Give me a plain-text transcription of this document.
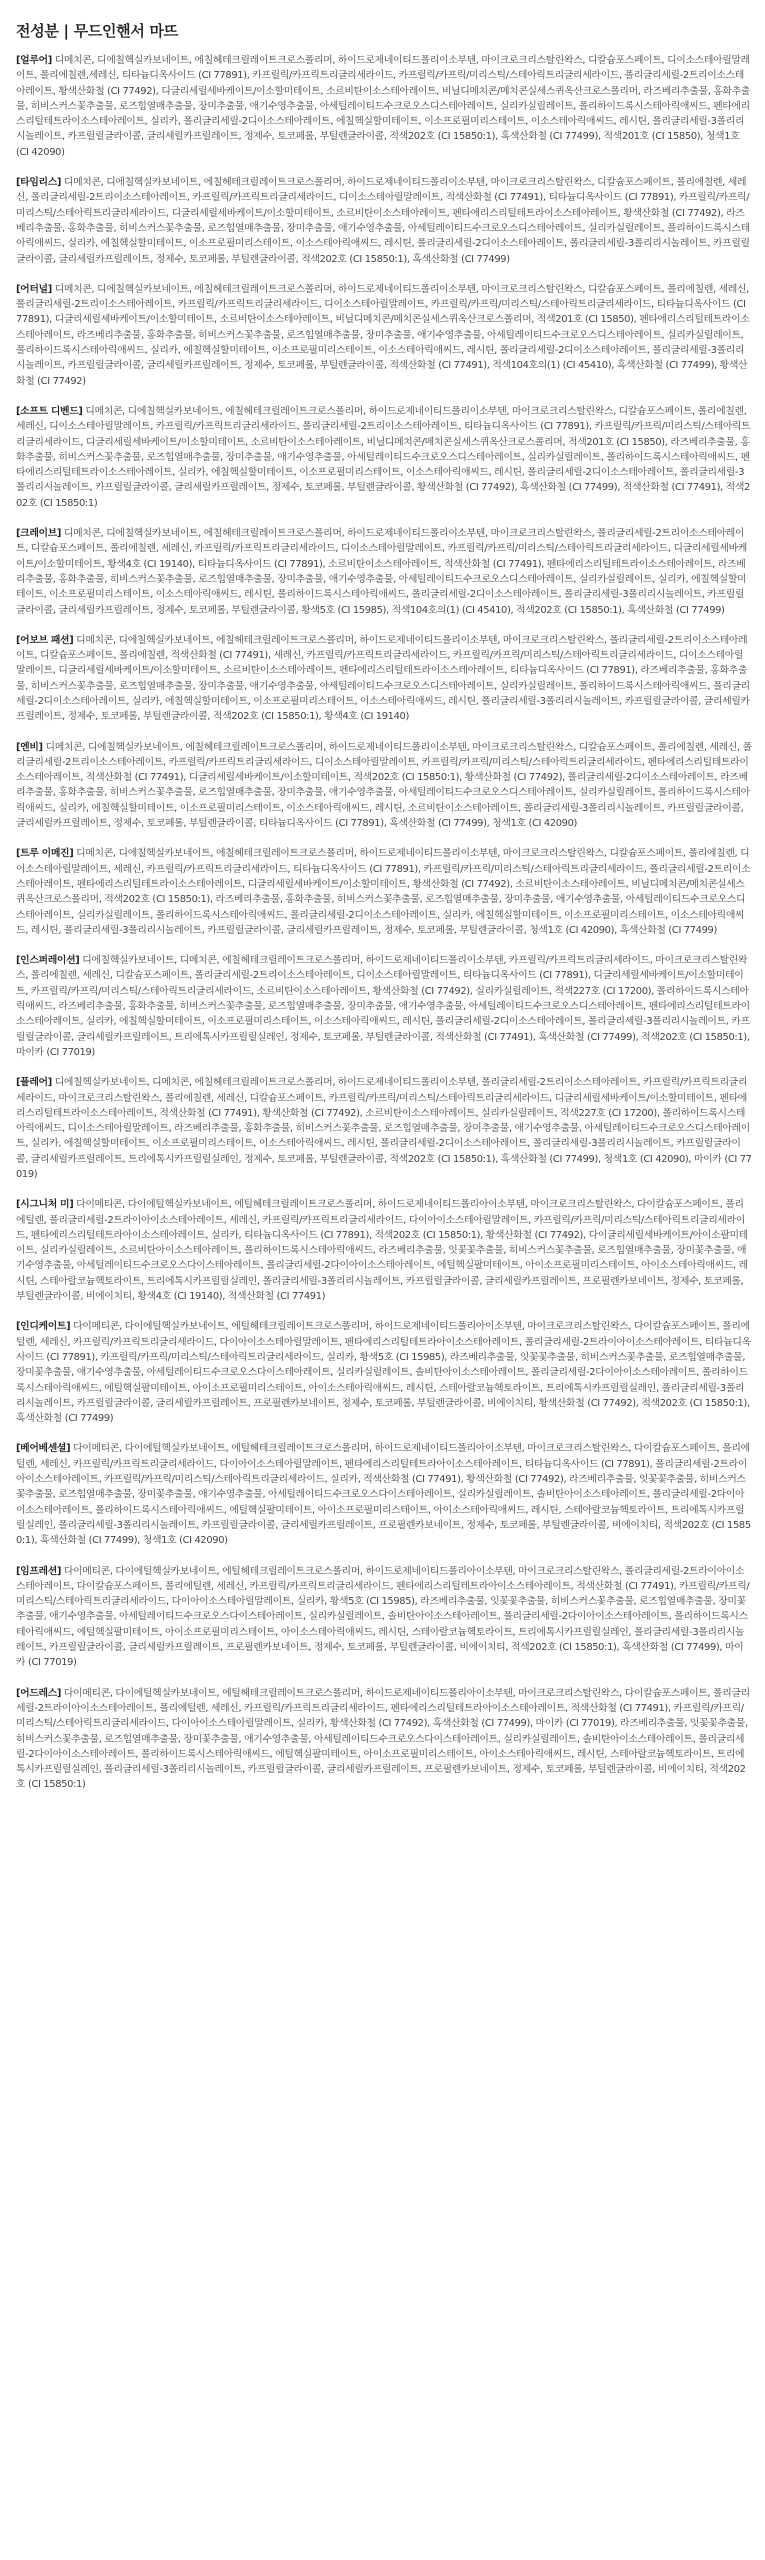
전성분 | 무드인핸서 마뜨

[얼루어] 디메치콘, 디에칠헥실카보네이트, 에칠헤테크릴레이트크로스폴리머, 하이드로제네이티드폴리이소부텐, 마이크로크리스탈린왁스, 디칼슘포스페이트, 디이소스테아릴말레이트, 폴리에칠렌,세레신, 티타늄디옥사이드 (CI 77891), 카프릴릭/카프릭트리글리세라이드, 카프릴릭/카프릭/미리스틱/스테아릭트리글리세라이드, 폴리글리세릴-2트리이소스테아레이트, 황색산화철 (CI 77492), 디글리세릴세바케이트/이소할미테이트, 소르비탄이소스테아레이트, 비닐디메치콘/메치콘실세스퀴옥산크로스폴리머, 라즈베리추출물, 홍화추출물, 히비스커스꽃추출물, 로즈힙열매추출물, 장미추출물, 애기수영추출물, 아세틸레이티드수크로오스디스테아레이트, 실리카실릴레이트, 폴리하이드록시스테아릭애씨드, 펜타에리스리틸테트라이소스테아레이트, 실리카, 폴리글리세릴-2디이소스테아레이트, 에칠헥실할미테이트, 이소프로필미리스테이트, 이소스테아릭애씨드, 레시틴, 폴리글리세릴-3폴리리시놀레이트, 카프릴릴글라이콜, 글리세릴카프릴레이트, 정제수, 토코페롤, 부틸렌글라이콜, 적색202호 (CI 15850:1), 흑색산화철 (CI 77499), 적색201호 (CI 15850), 청색1호 (CI 42090)

[타임리스] 디메치콘, 디에칠헥실카보네이트, 에칠헤테크릴레이트크로스폴리머, 하이드로제네이티드폴리이소부텐, 마이크로크리스탈린왁스, 디칼슘포스페이트, 폴리에칠렌, 세레신, 폴리글리세릴-2트리이소스테아레이트, 카프릴릭/카프릭트리글리세라이드, 디이소스테아릴말레이트, 적색산화철 (CI 77491), 티타늄디옥사이드 (CI 77891), 카프릴릭/카프릭/미리스틱/스테아릭트리글리세라이드, 디글리세릴세바케이트/이소할미테이트, 소르비탄이소스테아레이트, 펜타에리스리틸테트라이소스테아레이트, 황색산화철 (CI 77492), 라즈베리추출물, 홍화추출물, 히비스커스꽃추출물, 로즈힙열매추출물, 장미추출물, 애기수영추출물, 아세틸레이티드수크로오스디스테아레이트, 실리카실릴레이트, 폴리하이드록시스테아릭애씨드, 실리카, 에칠헥실할미테이트, 이소프로필미리스테이트, 이소스테아릭애씨드, 레시틴, 폴리글리세릴-2디이소스테아레이트, 폴리글리세릴-3폴리리시놀레이트, 카프릴릴글라이콜, 글리세릴카프릴레이트, 정제수, 토코페롤, 부틸렌글라이콜, 적색202호 (CI 15850:1), 흑색산화철 (CI 77499)

[어터널] 디메치콘, 디에칠헥실카보네이트, 에칠헤테크릴레이트크로스폴리머, 하이드로제네이티드폴리이소부텐, 마이크로크리스탈린왁스, 디칼슘포스페이트, 폴리에칠렌, 세레신, 폴리글리세릴-2트리이소스테아레이트, 카프릴릭/카프릭트리글리세라이드, 디이소스테아릴말레이트, 카프릴릭/카프릭/미리스틱/스테아릭트리글리세라이드, 티타늄디옥사이드 (CI 77891), 디글리세릴세바케이트/이소할미테이트, 소르비탄이소스테아레이트, 비닐디메치콘/메치콘실세스퀴옥산크로스폴리머, 적색201호 (CI 15850), 펜타에리스리틸테트라이소스테아레이트, 라즈베리추출물, 홍화추출물, 히비스커스꽃추출물, 로즈힙열매추출물, 장미추출물, 애기수영추출물, 아세틸레이티드수크로오스디스테아레이트, 실리카실릴레이트, 폴리하이드록시스테아릭애씨드, 실리카, 에칠헥실할미테이트, 이소프로필미리스테이트, 이소스테아릭애씨드, 레시틴, 폴리글리세릴-2디이소스테아레이트, 폴리글리세릴-3폴리리시놀레이트, 카프릴릴글라이콜, 글리세릴카프릴레이트, 정제수, 토코페롤, 부틸렌글라이콜, 적색산화철 (CI 77491), 적색104호의(1) (CI 45410), 흑색산화철 (CI 77499), 황색산화철 (CI 77492)

[소프트 디벤드] 디메치콘, 디에칠헥실카보네이트, 에칠헤테크릴레이트크로스폴리머, 하이드로제네이티드폴리이소부텐, 마이크로크리스탈린왁스, 디칼슘포스페이트, 폴리에칠렌, 세레신, 디이소스테아릴말레이트, 카프릴릭/카프릭트리글리세라이드, 폴리글리세릴-2트리이소스테아레이트, 티타늄디옥사이드 (CI 77891), 카프릴릭/카프릭/미리스틱/스테아릭트리글리세라이드, 디글리세릴세바케이트/이소할미테이트, 소르비탄이소스테아레이트, 비닐디메치콘/메치콘실세스퀴옥산크로스폴리머, 적색201호 (CI 15850), 라즈베리추출물, 홍화추출물, 히비스커스꽃추출물, 로즈힙열매추출물, 장미추출물, 애기수영추출물, 아세틸레이티드수크로오스디스테아레이트, 실리카실릴레이트, 폴리하이드록시스테아릭애씨드, 펜타에리스리틸테트라이소스테아레이트, 실리카, 에칠헥실할미테이트, 이소프로필미리스테이트, 이소스테아릭애씨드, 레시틴, 폴리글리세릴-2디이소스테아레이트, 폴리글리세릴-3폴리리시놀레이트, 카프릴릴글라이콜, 글리세릴카프릴레이트, 정제수, 토코페롤, 부틸렌글라이콜, 황색산화철 (CI 77492), 흑색산화철 (CI 77499), 적색산화철 (CI 77491), 적색202호 (CI 15850:1)

[크레이브] 디메치콘, 디에칠헥실카보네이트, 에칠헤테크릴레이트크로스폴리머, 하이드로제네이티드폴리이소부텐, 마이크로크리스탈린왁스, 폴리글리세릴-2트리이소스테아레이트, 디칼슘포스페이트, 폴리에칠렌, 세레신, 카프릴릭/카프릭트리글리세라이드, 디이소스테아릴말레이트, 카프릴릭/카프릭/미리스틱/스테아릭트리글리세라이드, 디글리세릴세바케이트/이소할미테이트, 황색4호 (CI 19140), 티타늄디옥사이드 (CI 77891), 소르비탄이소스테아레이트, 적색산화철 (CI 77491), 펜타에리스리틸테트라이소스테아레이트, 라즈베리추출물, 홍화추출물, 히비스커스꽃추출물, 로즈힙열매추출물, 장미추출물, 애기수영추출물, 아세틸레이티드수크로오스디스테아레이트, 실리카실릴레이트, 실리카, 에칠헥실할미테이트, 이소프로필미리스테이트, 이소스테아릭애씨드, 레시틴, 폴리하이드록시스테아릭애씨드, 폴리글리세릴-2디이소스테아레이트, 폴리글리세릴-3폴리리시놀레이트, 카프릴릴글라이콜, 글리세릴카프릴레이트, 정제수, 토코페롤, 부틸렌글라이콜, 황색5호 (CI 15985), 적색104호의(1) (CI 45410), 적색202호 (CI 15850:1), 흑색산화철 (CI 77499)

[어보브 패션] 디메치콘, 디에칠헥실카보네이트, 에칠헤테크릴레이트크로스폴리머, 하이드로제네이티드폴리이소부텐, 마이크로크리스탈린왁스, 폴리글리세릴-2트리이소스테아레이트, 디칼슘포스페이트, 폴리에칠렌, 적색산화철 (CI 77491), 세레신, 카프릴릭/카프릭트리글리세라이드, 카프릴릭/카프릭/미리스틱/스테아릭트리글리세라이드, 디이소스테아릴말레이트, 디글리세릴세바케이트/이소할미테이트, 소르비탄이소스테아레이트, 펜타에리스리틸테트라이소스테아레이트, 티타늄디옥사이드 (CI 77891), 라즈베리추출물, 홍화추출물, 히비스커스꽃추출물, 로즈힙열매추출물, 장미추출물, 애기수영추출물, 아세틸레이티드수크로오스디스테아레이트, 실리카실릴레이트, 폴리하이드록시스테아릭애씨드, 폴리글리세릴-2디이소스테아레이트, 실리카, 에칠헥실할미테이트, 이소프로필미리스테이트, 이소스테아릭애씨드, 레시틴, 폴리글리세릴-3폴리리시놀레이트, 카프릴릴글라이콜, 글리세릴카프릴레이트, 정제수, 토코페롤, 부틸렌글라이콜, 적색202호 (CI 15850:1), 황색4호 (CI 19140)

[엔비] 디메치콘, 디에칠헥실카보네이트, 에칠헤테크릴레이트크로스폴리머, 하이드로제네이티드폴리이소부텐, 마이크로크리스탈린왁스, 디칼슘포스페이트, 폴리에칠렌, 세레신, 폴리글리세릴-2트리이소스테아레이트, 카프릴릭/카프릭트리글리세라이드, 디이소스테아릴말레이트, 카프릴릭/카프릭/미리스틱/스테아릭트리글리세라이드, 펜타에리스리틸테트라이소스테아레이트, 적색산화철 (CI 77491), 디글리세릴세바케이트/이소할미테이트, 적색202호 (CI 15850:1), 황색산화철 (CI 77492), 폴리글리세릴-2디이소스테아레이트, 라즈베리추출물, 홍화추출물, 히비스커스꽃추출물, 로즈힙열매추출물, 장미추출물, 애기수영추출물, 아세틸레이티드수크로오스디스테아레이트, 실리카실릴레이트, 폴리하이드록시스테아릭애씨드, 실리카, 에칠헥실할미테이트, 이소프로필미리스테이트, 이소스테아릭애씨드, 레시틴, 소르비탄이소스테아레이트, 폴리글리세릴-3폴리리시놀레이트, 카프릴릴글라이콜, 글리세릴카프릴레이트, 정제수, 토코페롤, 부틸렌글라이콜, 티타늄디옥사이드 (CI 77891), 흑색산화철 (CI 77499), 청색1호 (CI 42090)

[트루 이메진] 디메치콘, 디에칠헥실카보네이트, 에칠헤테크릴레이트크로스폴리머, 하이드로제네이티드폴리이소부텐, 마이크로크리스탈린왁스, 디칼슘포스페이트, 폴리에칠렌, 디이소스테아릴말레이트, 세레신, 카프릴릭/카프릭트리글리세라이드, 티타늄디옥사이드 (CI 77891), 카프릴릭/카프릭/미리스틱/스테아릭트리글리세라이드, 폴리글리세릴-2트리이소스테아레이트, 펜타에리스리틸테트라이소스테아레이트, 디글리세릴세바케이트/이소할미테이트, 황색산화철 (CI 77492), 소르비탄이소스테아레이트, 비닐디메치콘/메치콘실세스퀴옥산크로스폴리머, 적색202호 (CI 15850:1), 라즈베리추출물, 홍화추출물, 히비스커스꽃추출물, 로즈힙열매추출물, 장미추출물, 애기수영추출물, 아세틸레이티드수크로오스디스테아레이트, 실리카실릴레이트, 폴리하이드록시스테아릭애씨드, 폴리글리세릴-2디이소스테아레이트, 실리카, 에칠헥실할미테이트, 이소프로필미리스테이트, 이소스테아릭애씨드, 레시틴, 폴리글리세릴-3폴리리시놀레이트, 카프릴릴글라이콜, 글리세릴카프릴레이트, 정제수, 토코페롤, 부틸렌글라이콜, 청색1호 (CI 42090), 흑색산화철 (CI 77499)

[인스퍼레이션] 디에칠헥실카보네이트, 디메치콘, 에칠헤테크릴레이트크로스폴리머, 하이드로제네이티드폴리이소부텐, 카프릴릭/카프릭트리글리세라이드, 마이크로크리스탈린왁스, 폴리에칠렌, 세레신, 디칼슘포스페이트, 폴리글리세릴-2트리이소스테아레이트, 디이소스테아릴말레이트, 티타늄디옥사이드 (CI 77891), 디글리세릴세바케이트/이소할미테이트, 카프릴릭/카프릭/미리스틱/스테아릭트리글리세라이드, 소르비탄이소스테아레이트, 황색산화철 (CI 77492), 실리카실릴레이트, 적색227호 (CI 17200), 폴리하이드록시스테아릭애씨드, 라즈베리추출물, 홍화추출물, 히비스커스꽃추출물, 로즈힙열매추출물, 장미추출물, 애기수영추출물, 아세틸레이티드수크로오스디스테아레이트, 펜타에리스리틸테트라이소스테아레이트, 실리카, 에칠헥실할미테이트, 이소프로필미리스테이트, 이소스테아릭애씨드, 레시틴, 폴리글리세릴-2디이소스테아레이트, 폴리글리세릴-3폴리리시놀레이트, 카프릴릴글라이콜, 글리세릴카프릴레이트, 트리에톡시카프릴릴실레인, 정제수, 토코페롤, 부틸렌글라이콜, 적색산화철 (CI 77491), 흑색산화철 (CI 77499), 적색202호 (CI 15850:1), 마이카 (CI 77019)

[플레어] 디에칠헥실카보네이트, 디메치콘, 에칠헤테크릴레이트크로스폴리머, 하이드로제네이티드폴리이소부텐, 폴리글리세릴-2트리이소스테아레이트, 카프릴릭/카프릭트리글리세라이드, 마이크로크리스탈린왁스, 폴리에칠렌, 세레신, 디칼슘포스페이트, 카프릴릭/카프릭/미리스틱/스테아릭트리글리세라이드, 디글리세릴세바케이트/이소할미테이트, 펜타에리스리틸테트라이소스테아레이트, 적색산화철 (CI 77491), 황색산화철 (CI 77492), 소르비탄이소스테아레이트, 실리카실릴레이트, 적색227호 (CI 17200), 폴리하이드록시스테아릭애씨드, 디이소스테아릴말레이트, 라즈베리추출물, 홍화추출물, 히비스커스꽃추출물, 로즈힙열매추출물, 장미추출물, 애기수영추출물, 아세틸레이티드수크로오스디스테아레이트, 실리카, 에칠헥실할미테이트, 이소프로필미리스테이트, 이소스테아릭애씨드, 레시틴, 폴리글리세릴-2디이소스테아레이트, 폴리글리세릴-3폴리리시놀레이트, 카프릴릴글라이콜, 글리세릴카프릴레이트, 트리에톡시카프릴릴실레인, 정제수, 토코페롤, 부틸렌글라이콜, 적색202호 (CI 15850:1), 흑색산화철 (CI 77499), 청색1호 (CI 42090), 마이카 (CI 77019)

[시그니처 미] 다이메티콘, 다이에틸헥실카보네이트, 에틸헤테크릴레이트크로스폴리머, 하이드로제네이티드폴리아이소부텐, 마이크로크리스탈린왁스, 다이칼슘포스페이트, 폴리에틸렌, 폴리글리세릴-2트라이아이소스테아레이트, 세레신, 카프릴릭/카프릭트리글리세라이드, 다이아이소스테아릴말레이트, 카프릴릭/카프릭/미리스틱/스테아릭트리글리세라이드, 펜타에리스리틸테트라아이소스테아레이트, 실리카, 티타늄디옥사이드 (CI 77891), 적색202호 (CI 15850:1), 황색산화철 (CI 77492), 다이글리세릴세바케이트/아이소팔미테이트, 실리카실릴레이트, 소르비탄아이소스테아레이트, 폴리하이드록시스테아릭애씨드, 라즈베리추출물, 잇꽃꽃추출물, 히비스커스꽃추출물, 로즈힙열매추출물, 장미꽃추출물, 애기수영추출물, 아세틸레이티드수크로오스다이스테아레이트, 폴리글리세릴-2다이아이소스테아레이트, 에틸헥실팔미테이트, 아이소프로필미리스테이트, 아이소스테아릭애씨드, 레시틴, 스테아랄코늄헥토라이트, 트리에톡시카프릴릴실레인, 폴리글리세릴-3폴리리시놀레이트, 카프릴릴글라이콜, 글리세릴카프릴레이트, 프로필렌카보네이트, 정제수, 토코페롤, 부틸렌글라이콜, 비에이치티, 황색4호 (CI 19140), 적색산화철 (CI 77491)

[인디케이트] 다이메티콘, 다이에틸헥실카보네이트, 에틸헤테크릴레이트크로스폴리머, 하이드로제네이티드폴리아이소부텐, 마이크로크리스탈린왁스, 다이칼슘포스페이트, 폴리에틸렌, 세레신, 카프릴릭/카프릭트리글리세라이드, 다이아이소스테아릴말레이트, 펜타에리스리틸테트라아이소스테아레이트, 폴리글리세릴-2트라이아이소스테아레이트, 티타늄디옥사이드 (CI 77891), 카프릴릭/카프릭/미리스틱/스테아릭트리글리세라이드, 실리카, 황색5호 (CI 15985), 라즈베리추출물, 잇꽃꽃추출물, 히비스커스꽃추출물, 로즈힙열매추출물, 장미꽃추출물, 애기수영추출물, 아세틸레이티드수크로오스다이스테아레이트, 실리카실릴레이트, 솔비탄아이소스테아레이트, 폴리글리세릴-2다이아이소스테아레이트, 폴리하이드록시스테아릭애씨드, 에틸헥실팔미테이트, 아이소프로필미리스테이트, 아이소스테아릭애씨드, 레시틴, 스테아랄코늄헥토라이트, 트리에톡시카프릴릴실레인, 폴리글리세릴-3폴리리시놀레이트, 카프릴릴글라이콜, 글리세릴카프릴레이트, 프로필렌카보네이트, 정제수, 토코페롤, 부틸렌글라이콜, 비에이치티, 황색산화철 (CI 77492), 적색202호 (CI 15850:1), 흑색산화철 (CI 77499)

[베어베센셜] 다이메티콘, 다이에틸헥실카보네이트, 에틸헤테크릴레이트크로스폴리머, 하이드로제네이티드폴리아이소부텐, 마이크로크리스탈린왁스, 다이칼슘포스페이트, 폴리에틸렌, 세레신, 카프릴릭/카프릭트리글리세라이드, 다이아이소스테아릴말레이트, 펜타에리스리틸테트라아이소스테아레이트, 티타늄디옥사이드 (CI 77891), 폴리글리세릴-2트라이아이소스테아레이트, 카프릴릭/카프릭/미리스틱/스테아릭트리글리세라이드, 실리카, 적색산화철 (CI 77491), 황색산화철 (CI 77492), 라즈베리추출물, 잇꽃꽃추출물, 히비스커스꽃추출물, 로즈힙열매추출물, 장미꽃추출물, 애기수영추출물, 아세틸레이티드수크로오스다이스테아레이트, 실리카실릴레이트, 솔비탄아이소스테아레이트, 폴리글리세릴-2다이아이소스테아레이트, 폴리하이드록시스테아릭애씨드, 에틸헥실팔미테이트, 아이소프로필미리스테이트, 아이소스테아릭애씨드, 레시틴, 스테아랄코늄헥토라이트, 트리에톡시카프릴릴실레인, 폴리글리세릴-3폴리리시놀레이트, 카프릴릴글라이콜, 글리세릴카프릴레이트, 프로필렌카보네이트, 정제수, 토코페롤, 부틸렌글라이콜, 비에이치티, 적색202호 (CI 15850:1), 흑색산화철 (CI 77499), 청색1호 (CI 42090)

[임프레션] 다이메티콘, 다이에틸헥실카보네이트, 에틸헤테크릴레이트크로스폴리머, 하이드로제네이티드폴리아이소부텐, 마이크로크리스탈린왁스, 폴리글리세릴-2트라이아이소스테아레이트, 다이칼슘포스페이트, 폴리에틸렌, 세레신, 카프릴릭/카프릭트리글리세라이드, 펜타에리스리틸테트라아이소스테아레이트, 적색산화철 (CI 77491), 카프릴릭/카프릭/미리스틱/스테아릭트리글리세라이드, 다이아이소스테아릴말레이트, 실리카, 황색5호 (CI 15985), 라즈베리추출물, 잇꽃꽃추출물, 히비스커스꽃추출물, 로즈힙열매추출물, 장미꽃추출물, 애기수영추출물, 아세틸레이티드수크로오스다이스테아레이트, 실리카실릴레이트, 솔비탄아이소스테아레이트, 폴리글리세릴-2다이아이소스테아레이트, 폴리하이드록시스테아릭애씨드, 에틸헥실팔미테이트, 아이소프로필미리스테이트, 아이소스테아릭애씨드, 레시틴, 스테아랄코늄헥토라이트, 트리에톡시카프릴릴실레인, 폴리글리세릴-3폴리리시놀레이트, 카프릴릴글라이콜, 글리세릴카프릴레이트, 프로필렌카보네이트, 정제수, 토코페롤, 부틸렌글라이콜, 비에이치티, 적색202호 (CI 15850:1), 흑색산화철 (CI 77499), 마이카 (CI 77019)

[어드레스] 다이메티콘, 다이에틸헥실카보네이트, 에틸헤테크릴레이트크로스폴리머, 하이드로제네이티드폴리아이소부텐, 마이크로크리스탈린왁스, 다이칼슘포스페이트, 폴리글리세릴-2트라이아이소스테아레이트, 폴리에틸렌, 세레신, 카프릴릭/카프릭트리글리세라이드, 펜타에리스리틸테트라아이소스테아레이트, 적색산화철 (CI 77491), 카프릴릭/카프릭/미리스틱/스테아릭트리글리세라이드, 다이아이소스테아릴말레이트, 실리카, 황색산화철 (CI 77492), 흑색산화철 (CI 77499), 마이카 (CI 77019), 라즈베리추출물, 잇꽃꽃추출물, 히비스커스꽃추출물, 로즈힙열매추출물, 장미꽃추출물, 애기수영추출물, 아세틸레이티드수크로오스다이스테아레이트, 실리카실릴레이트, 솔비탄아이소스테아레이트, 폴리글리세릴-2다이아이소스테아레이트, 폴리하이드록시스테아릭애씨드, 에틸헥실팔미테이트, 아이소프로필미리스테이트, 아이소스테아릭애씨드, 레시틴, 스테아랄코늄헥토라이트, 트리에톡시카프릴릴실레인, 폴리글리세릴-3폴리리시놀레이트, 카프릴릴글라이콜, 글리세릴카프릴레이트, 프로필렌카보네이트, 정제수, 토코페롤, 부틸렌글라이콜, 비에이치티, 적색202호 (CI 15850:1)
